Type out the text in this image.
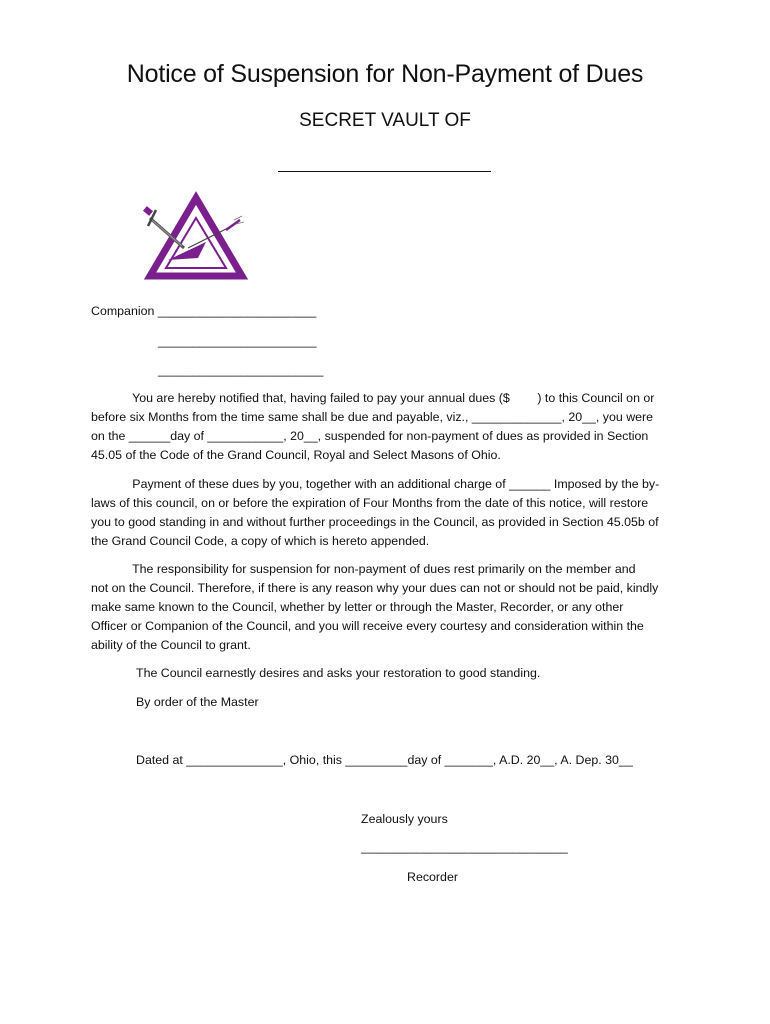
Notice of Suspension for Non-Payment of Dues
SECRET VAULT OF
Companion _______________________
_______________________
________________________
You are hereby notified that, having failed to pay your annual dues ($        ) to this Council on or
before six Months from the time same shall be due and payable, viz., _____________, 20__, you were
on the ______day of ___________, 20__, suspended for non-payment of dues as provided in Section
45.05 of the Code of the Grand Council, Royal and Select Masons of Ohio.
Payment of these dues by you, together with an additional charge of ______ Imposed by the by-
laws of this council, on or before the expiration of Four Months from the date of this notice, will restore
you to good standing in and without further proceedings in the Council, as provided in Section 45.05b of
the Grand Council Code, a copy of which is hereto appended.
The responsibility for suspension for non-payment of dues rest primarily on the member and
not on the Council. Therefore, if there is any reason why your dues can not or should not be paid, kindly
make same known to the Council, whether by letter or through the Master, Recorder, or any other
Officer or Companion of the Council, and you will receive every courtesy and consideration within the
ability of the Council to grant.
The Council earnestly desires and asks your restoration to good standing.
By order of the Master
Dated at ______________, Ohio, this _________day of _______, A.D. 20__, A. Dep. 30__
Zealously yours
______________________________
Recorder
